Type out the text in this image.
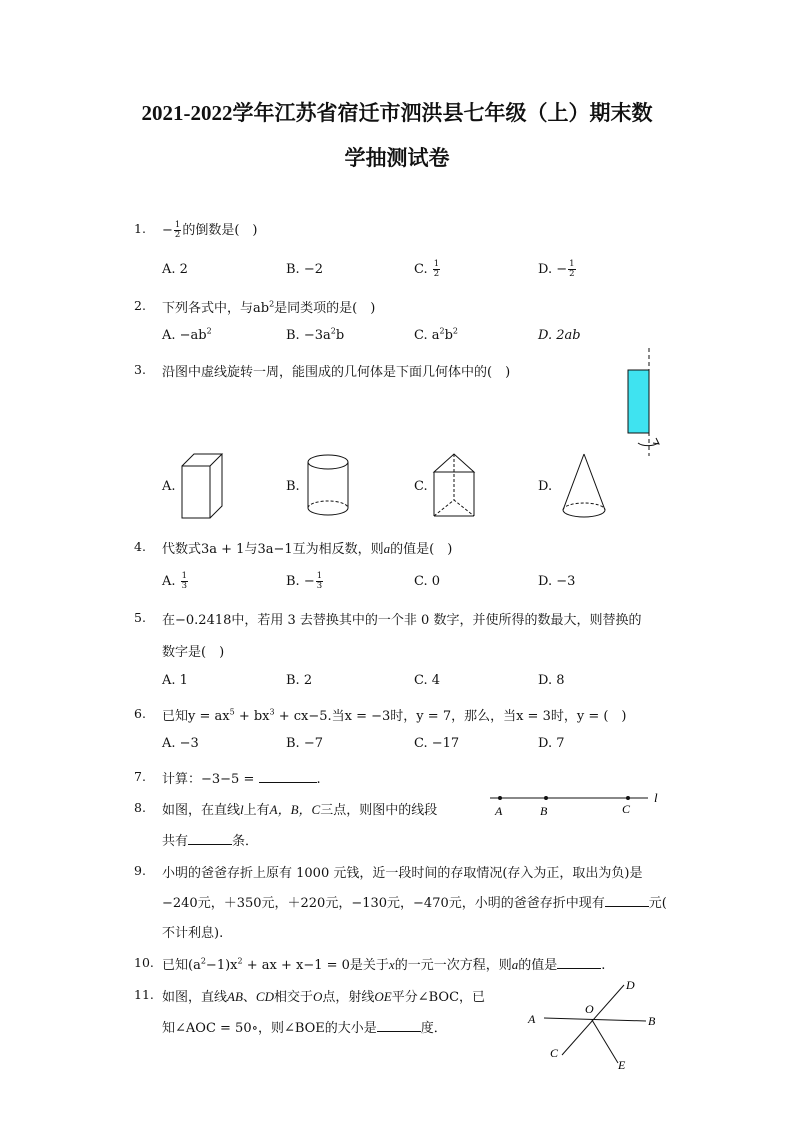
2021-2022学年江苏省宿迁市泗洪县七年级（上）期末数
学抽测试卷
1. − $\frac{1}{2}$ 的倒数是(　)
A. 2	B. −2	C. $\frac{1}{2}$	D. − $\frac{1}{2}$
2. 下列各式中，与$ab^2$是同类项的是(　)
A. $-ab^2$	B. $-3a^2b$	C. $a^2b^2$	D. 2ab
3. 沿图中虚线旋转一周，能围成的几何体是下面几何体中的(　)
A.	B.	C.	D.
4. 代数式3a + 1与3a−1互为相反数，则a的值是(　)
A. $\frac{1}{3}$	B. − $\frac{1}{3}$	C. 0	D. −3
5. 在−0.2418中，若用 3 去替换其中的一个非 0 数字，并使所得的数最大，则替换的
数字是(　)
A. 1	B. 2	C. 4	D. 8
6. 已知$y = ax^5 + bx^3 + cx-5$.当x = −3时，y = 7，那么，当x = 3时，y = (　)
A. −3	B. −7	C. −17	D. 7
7. 计算：−3−5 =	.
8. 如图，在直线l上有A，B，C三点，则图中的线段
共有	条．
A	B	C
l
9. 小明的爸爸存折上原有 1000 元钱，近一段时间的存取情况(存入为正，取出为负)是
−240元，＋350元，＋220元，−130元，−470元，小明的爸爸存折中现有	元(
不计利息).
10. 已知$(a^2-1)x^2$ + ax + x−1 = 0是关于x的一元一次方程，则a的值是	.
11. 如图，直线AB、CD相交于O点，射线OE平分∠BOC，已
知∠AOC = 50∘，则∠BOE的大小是	度．
A	B
C
D
E
O
